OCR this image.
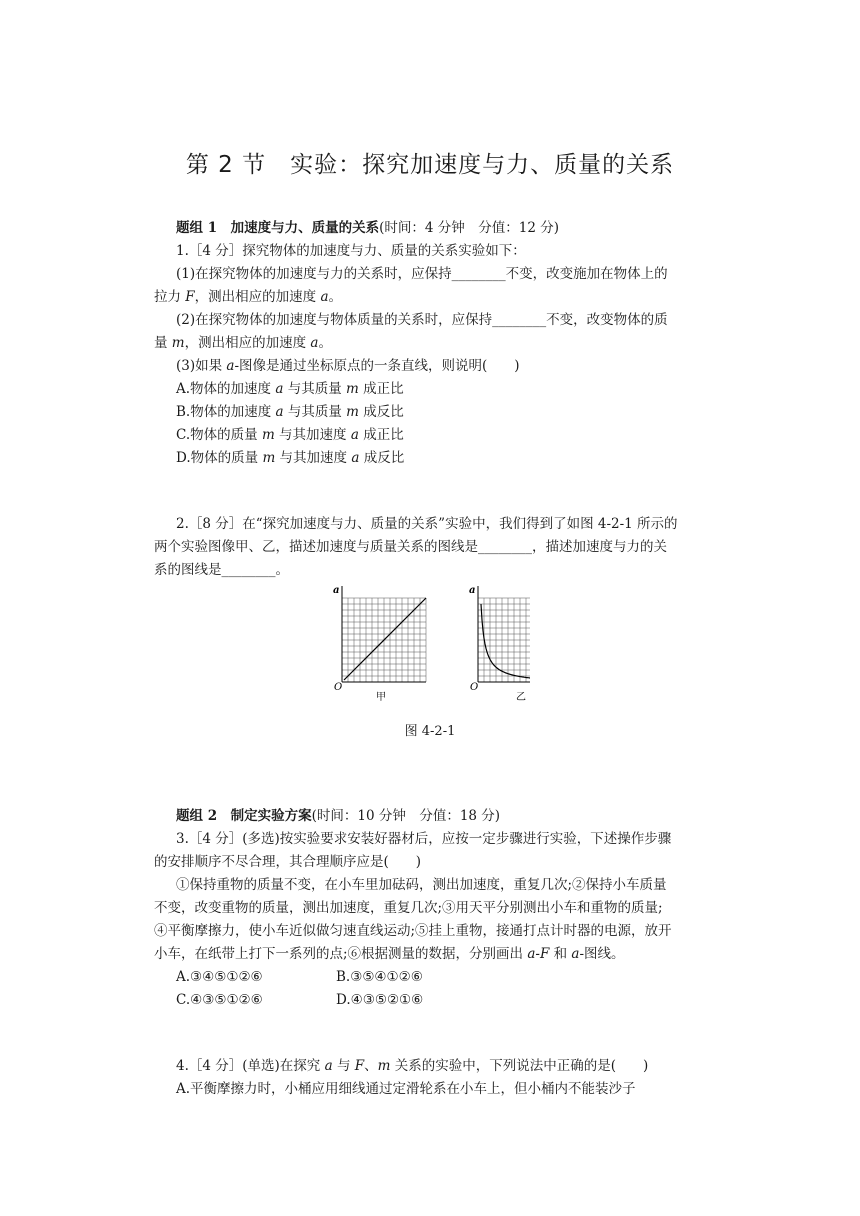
第 2 节　实验：探究加速度与力、质量的关系
题组 1　加速度与力、质量的关系(时间：4 分钟　分值：12 分)
1.［4 分］探究物体的加速度与力、质量的关系实验如下：
(1)在探究物体的加速度与力的关系时，应保持________不变，改变施加在物体上的
拉力 F，测出相应的加速度 a。
(2)在探究物体的加速度与物体质量的关系时，应保持________不变，改变物体的质
量 m，测出相应的加速度 a。
(3)如果 a-图像是通过坐标原点的一条直线，则说明(　　)
A.物体的加速度 a 与其质量 m 成正比
B.物体的加速度 a 与其质量 m 成反比
C.物体的质量 m 与其加速度 a 成正比
D.物体的质量 m 与其加速度 a 成反比
2.［8 分］在“探究加速度与力、质量的关系”实验中，我们得到了如图 4-2-1 所示的
两个实验图像甲、乙，描述加速度与质量关系的图线是________，描述加速度与力的关
系的图线是________。
a
O
甲
a
O
乙
图 4-2-1
题组 2　制定实验方案(时间：10 分钟　分值：18 分)
3.［4 分］(多选)按实验要求安装好器材后，应按一定步骤进行实验，下述操作步骤
的安排顺序不尽合理，其合理顺序应是(　　)
①保持重物的质量不变，在小车里加砝码，测出加速度，重复几次;②保持小车质量
不变，改变重物的质量，测出加速度，重复几次;③用天平分别测出小车和重物的质量;
④平衡摩擦力，使小车近似做匀速直线运动;⑤挂上重物，接通打点计时器的电源，放开
小车，在纸带上打下一系列的点;⑥根据测量的数据，分别画出 a-F 和 a-图线。
A.③④⑤①②⑥	B.③⑤④①②⑥
C.④③⑤①②⑥	D.④③⑤②①⑥
4.［4 分］(单选)在探究 a 与 F、m 关系的实验中，下列说法中正确的是(　　)
A.平衡摩擦力时，小桶应用细线通过定滑轮系在小车上，但小桶内不能装沙子
